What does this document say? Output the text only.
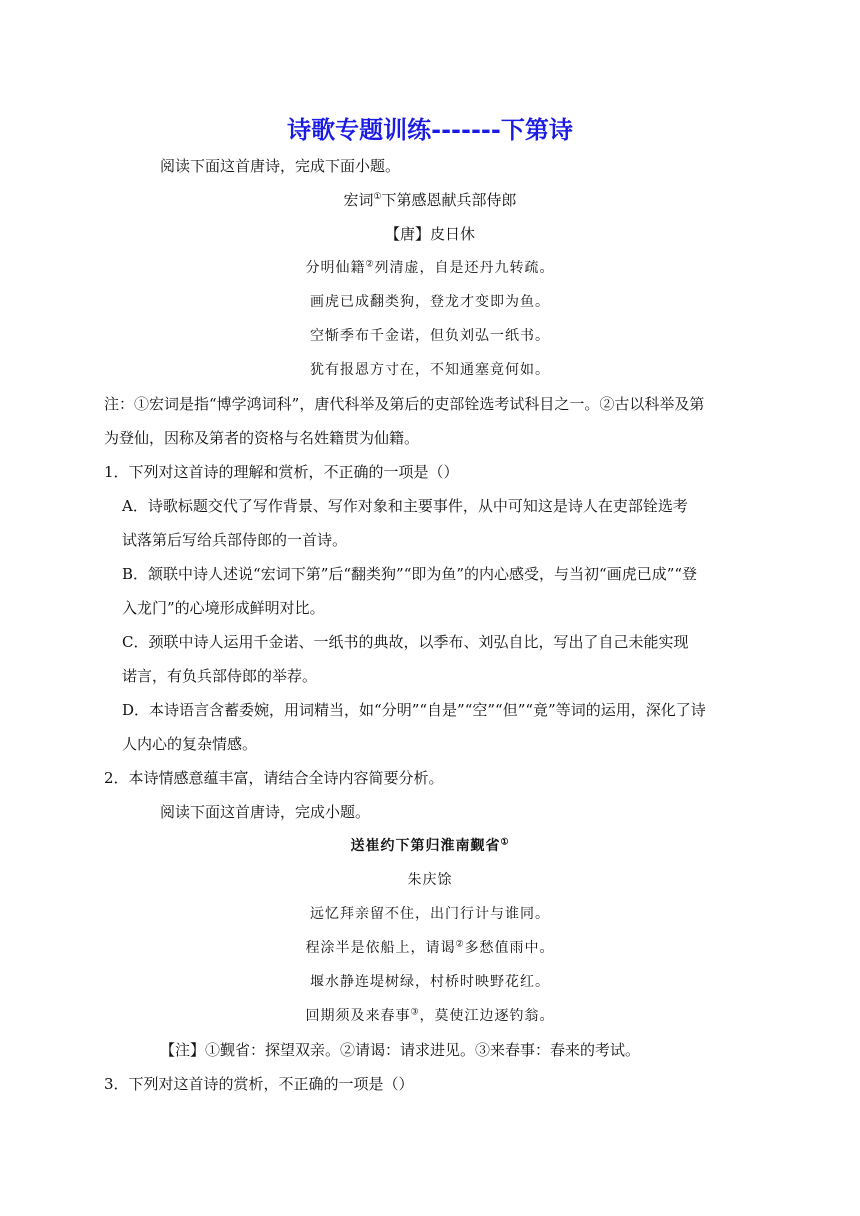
诗歌专题训练-------下第诗
阅读下面这首唐诗，完成下面小题。
宏词①下第感恩献兵部侍郎
【唐】皮日休
分明仙籍②列清虚，自是还丹九转疏。
画虎已成翻类狗，登龙才变即为鱼。
空惭季布千金诺，但负刘弘一纸书。
犹有报恩方寸在，不知通塞竟何如。
注：①宏词是指“博学鸿词科”，唐代科举及第后的吏部铨选考试科目之一。②古以科举及第
为登仙，因称及第者的资格与名姓籍贯为仙籍。
1．下列对这首诗的理解和赏析，不正确的一项是（）
A．诗歌标题交代了写作背景、写作对象和主要事件，从中可知这是诗人在吏部铨选考
试落第后写给兵部侍郎的一首诗。
B．颔联中诗人述说“宏词下第”后“翻类狗”“即为鱼”的内心感受，与当初“画虎已成”“登
入龙门”的心境形成鲜明对比。
C．颈联中诗人运用千金诺、一纸书的典故，以季布、刘弘自比，写出了自己未能实现
诺言，有负兵部侍郎的举荐。
D．本诗语言含蓄委婉，用词精当，如“分明”“自是”“空”“但”“竟”等词的运用，深化了诗
人内心的复杂情感。
2．本诗情感意蕴丰富，请结合全诗内容简要分析。
阅读下面这首唐诗，完成小题。
送崔约下第归淮南觐省①
朱庆馀
远忆拜亲留不住，出门行计与谁同。
程涂半是依船上，请谒②多愁值雨中。
堰水静连堤树绿，村桥时映野花红。
回期须及来春事③，莫使江边逐钓翁。
【注】①觐省：探望双亲。②请谒：请求进见。③来春事：春来的考试。
3．下列对这首诗的赏析，不正确的一项是（）
